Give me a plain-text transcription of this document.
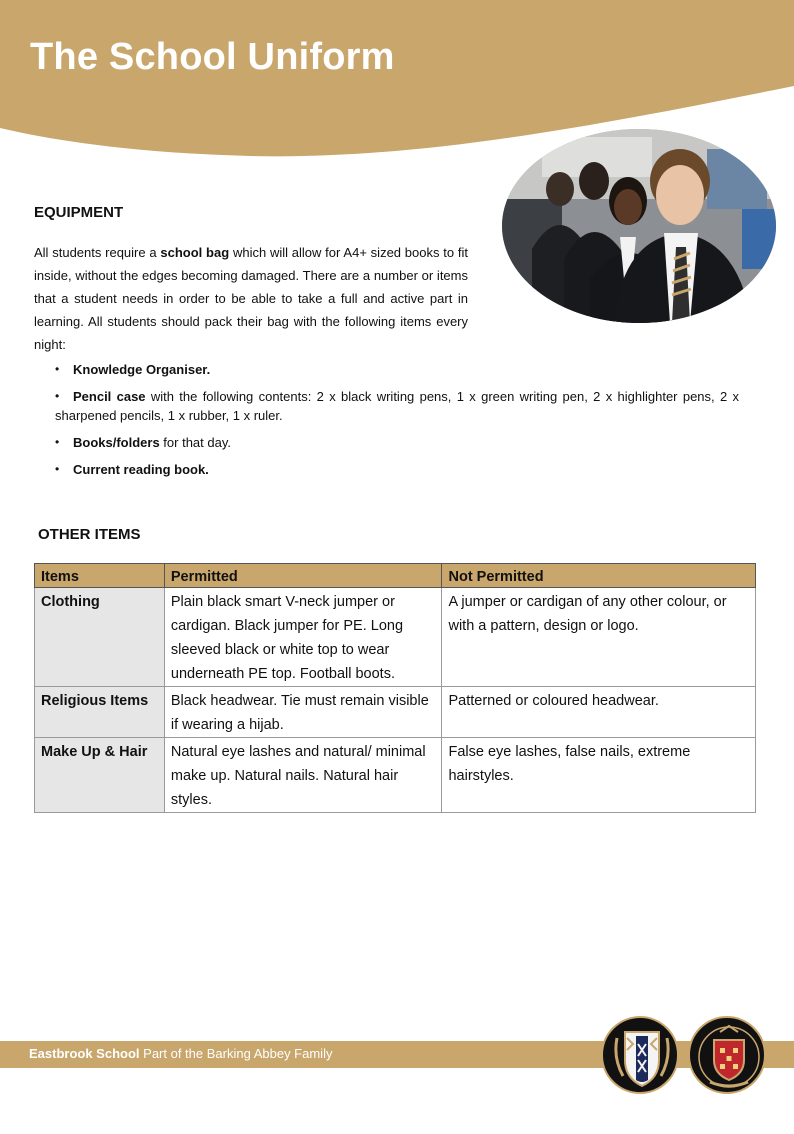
The School Uniform
EQUIPMENT

All students require a school bag which will allow for A4+ sized books to fit inside, without the edges becoming damaged. There are a number or items that a student needs in order to be able to take a full and active part in learning. All students should pack their bag with the following items every night:

•	Knowledge Organiser.
•	Pencil case with the following contents: 2 x black writing pens, 1 x green writing pen, 2 x highlighter pens, 2 x sharpened pencils, 1 x rubber, 1 x ruler.
•	Books/folders for that day.
•	Current reading book.
OTHER ITEMS
Items	Permitted	Not Permitted
Clothing	Plain black smart V-neck jumper or cardigan. Black jumper for PE. Long sleeved black or white top to wear underneath PE top. Football boots.	A jumper or cardigan of any other colour, or with a pattern, design or logo.
Religious Items	Black headwear. Tie must remain visible if wearing a hijab.	Patterned or coloured headwear.
Make Up & Hair	Natural eye lashes and natural/ minimal make up. Natural nails. Natural hair styles.	False eye lashes, false nails, extreme hairstyles.
Eastbrook School Part of the Barking Abbey Family
